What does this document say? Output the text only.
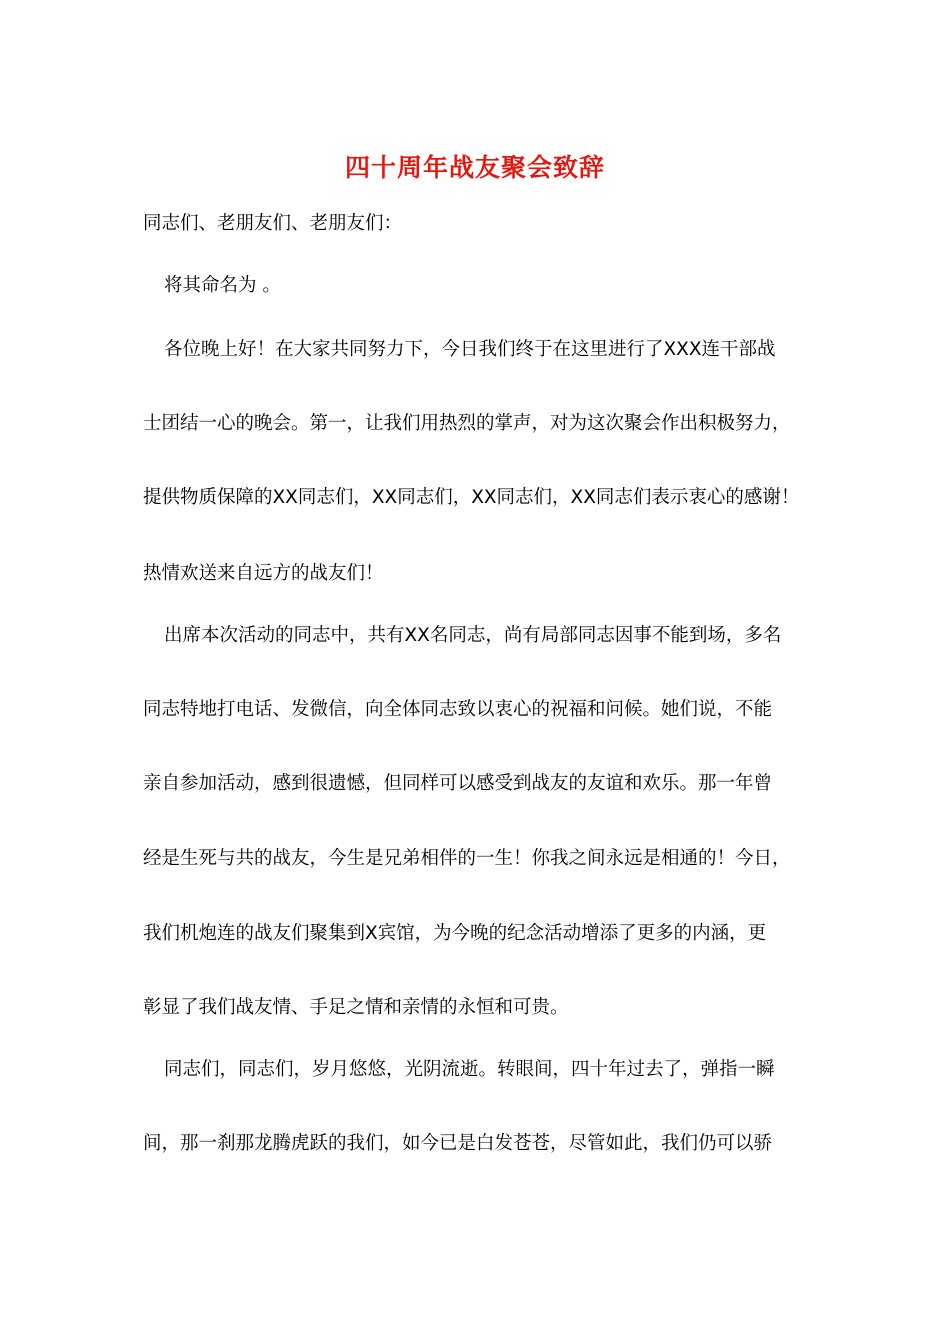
四十周年战友聚会致辞
同志们、老朋友们、老朋友们：
将其命名为 。
各位晚上好！在大家共同努力下，今日我们终于在这里进行了XXX连干部战
士团结一心的晚会。第一，让我们用热烈的掌声，对为这次聚会作出积极努力，
提供物质保障的XX同志们，XX同志们，XX同志们，XX同志们表示衷心的感谢！
热情欢送来自远方的战友们！
出席本次活动的同志中，共有XX名同志，尚有局部同志因事不能到场，多名
同志特地打电话、发微信，向全体同志致以衷心的祝福和问候。她们说，不能
亲自参加活动，感到很遗憾，但同样可以感受到战友的友谊和欢乐。那一年曾
经是生死与共的战友，今生是兄弟相伴的一生！你我之间永远是相通的！今日，
我们机炮连的战友们聚集到X宾馆，为今晚的纪念活动增添了更多的内涵，更
彰显了我们战友情、手足之情和亲情的永恒和可贵。
同志们，同志们，岁月悠悠，光阴流逝。转眼间，四十年过去了，弹指一瞬
间，那一刹那龙腾虎跃的我们，如今已是白发苍苍，尽管如此，我们仍可以骄
